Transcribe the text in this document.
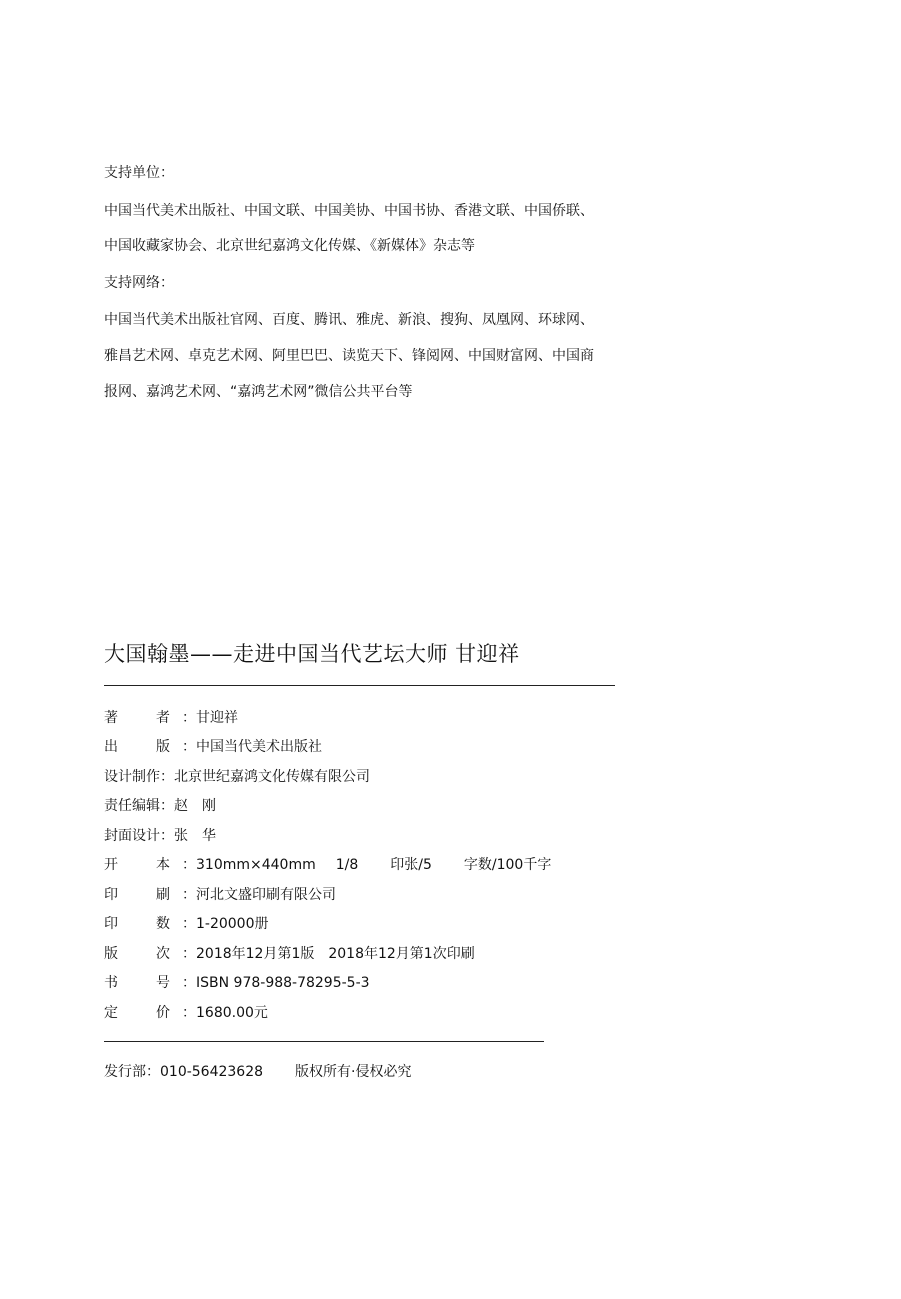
支持单位：
中国当代美术出版社、中国文联、中国美协、中国书协、香港文联、中国侨联、
中国收藏家协会、北京世纪嘉鸿文化传媒、《新媒体》杂志等
支持网络：
中国当代美术出版社官网、百度、腾讯、雅虎、新浪、搜狗、凤凰网、环球网、
雅昌艺术网、卓克艺术网、阿里巴巴、读览天下、锋阅网、中国财富网、中国商
报网、嘉鸿艺术网、“嘉鸿艺术网”微信公共平台等
大国翰墨——走进中国当代艺坛大师 甘迎祥
著者 ：甘迎祥
出版 ：中国当代美术出版社
设计制作：北京世纪嘉鸿文化传媒有限公司
责任编辑：赵　刚
封面设计：张　华
开本 ：310mm×440mm 1/8 印张/5 字数/100千字
印刷 ：河北文盛印刷有限公司
印数 ：1-20000册
版次 ：2018年12月第1版 2018年12月第1次印刷
书号 ：ISBN 978-988-78295-5-3
定价 ：1680.00元
发行部：010-56423628 版权所有·侵权必究
